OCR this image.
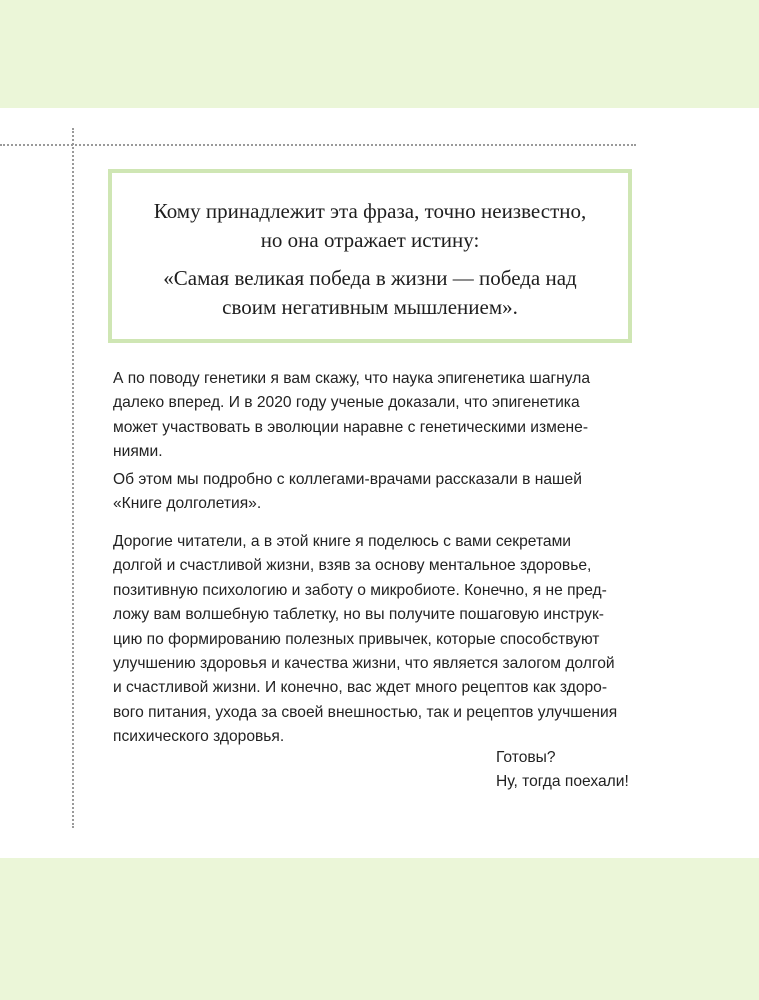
Кому принадлежит эта фраза, точно неизвестно,
но она отражает истину:

«Самая великая победа в жизни — победа над
своим негативным мышлением».

А по поводу генетики я вам скажу, что наука эпигенетика шагнула
далеко вперед. И в 2020 году ученые доказали, что эпигенетика
может участвовать в эволюции наравне с генетическими измене-
ниями.

Об этом мы подробно с коллегами-врачами рассказали в нашей
«Книге долголетия».

Дорогие читатели, а в этой книге я поделюсь с вами секретами
долгой и счастливой жизни, взяв за основу ментальное здоровье,
позитивную психологию и заботу о микробиоте. Конечно, я не пред-
ложу вам волшебную таблетку, но вы получите пошаговую инструк-
цию по формированию полезных привычек, которые способствуют
улучшению здоровья и качества жизни, что является залогом долгой
и счастливой жизни. И конечно, вас ждет много рецептов как здоро-
вого питания, ухода за своей внешностью, так и рецептов улучшения
психического здоровья.

Готовы?
Ну, тогда поехали!
